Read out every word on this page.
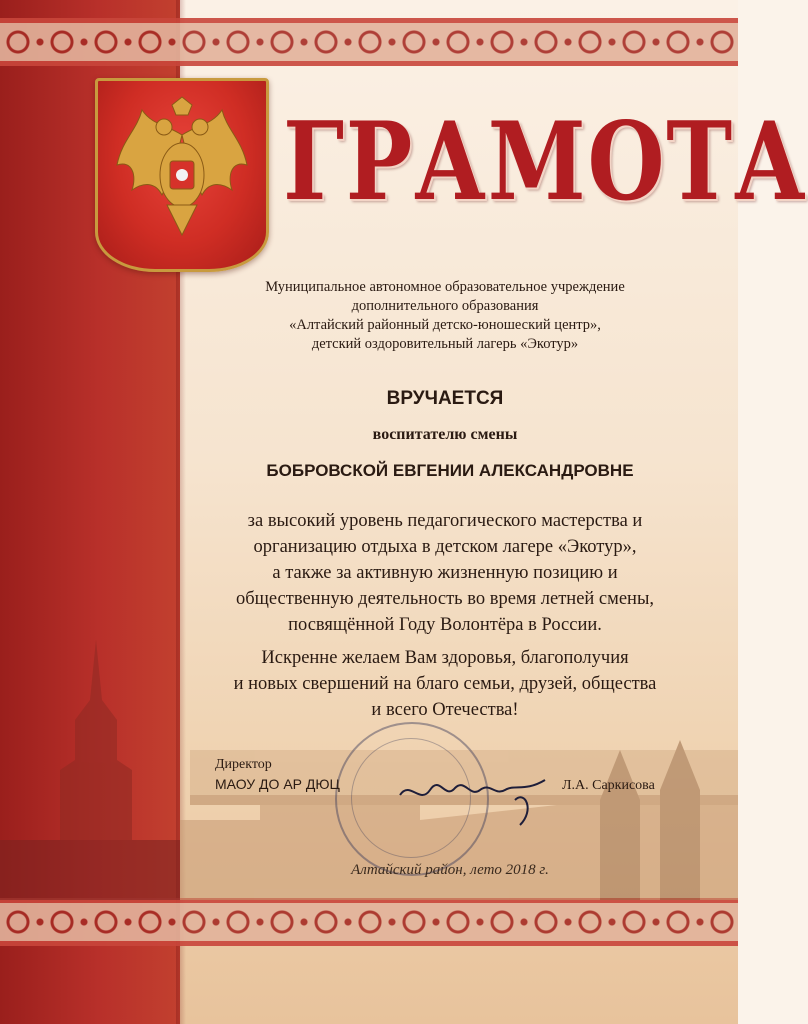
ГРАМОТА
Муниципальное автономное образовательное учреждение
дополнительного образования
«Алтайский районный детско-юношеский центр»,
детский оздоровительный лагерь «Экотур»
ВРУЧАЕТСЯ
воспитателю смены
БОБРОВСКОЙ ЕВГЕНИИ АЛЕКСАНДРОВНЕ
за высокий уровень педагогического мастерства и
организацию отдыха в детском лагере «Экотур»,
а также за активную жизненную позицию и
общественную деятельность во время летней смены,
посвящённой Году Волонтёра в России.
Искренне желаем Вам здоровья, благополучия
и новых свершений на благо семьи, друзей, общества
и всего Отечества!
Директор
МАОУ ДО АР ДЮЦ	Л.А. Саркисова
Алтайский район, лето 2018 г.
